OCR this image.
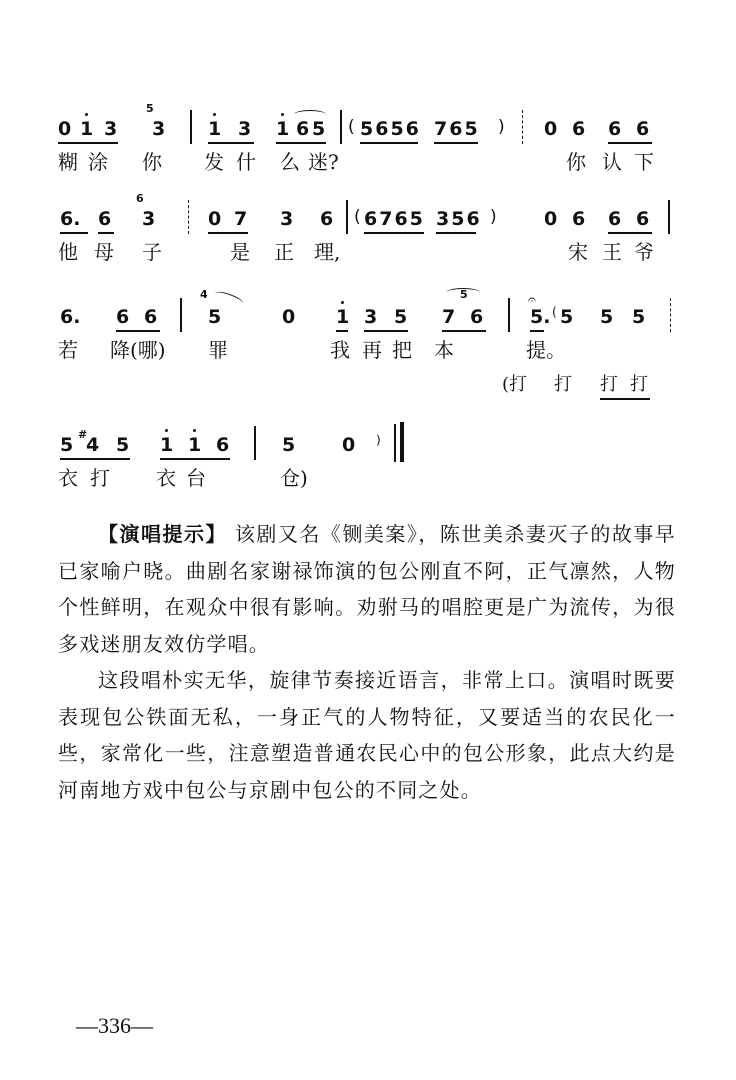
0 1 3
5
3 1 3 1 6 5 ( 5656 765 ) 0 6 6 6
糊 涂 你 发 什 么 迷?	你 认 下
6. 6
6
3	0 7 3 6 ( 6765 356 ) 0 6 6 6
他 母 子	是 正 理,	宋 王 爷
6. 6 6
4
5	0 1 3 5
5
7 6
𝄐
5. ( 5 5 5
若 降(哪) 罪	我 再 把 本	提。
(打 打 打 打
5 #
4 5 1 1 6	5 0 )
衣 打 衣 台	仓)

【演唱提示】 该剧又名《铡美案》，陈世美杀妻灭子的故事早已家喻户晓。曲剧名家谢禄饰演的包公刚直不阿，正气凛然，人物个性鲜明，在观众中很有影响。劝驸马的唱腔更是广为流传，为很多戏迷朋友效仿学唱。

这段唱朴实无华，旋律节奏接近语言，非常上口。演唱时既要表现包公铁面无私，一身正气的人物特征，又要适当的农民化一些，家常化一些，注意塑造普通农民心中的包公形象，此点大约是河南地方戏中包公与京剧中包公的不同之处。

—336—
